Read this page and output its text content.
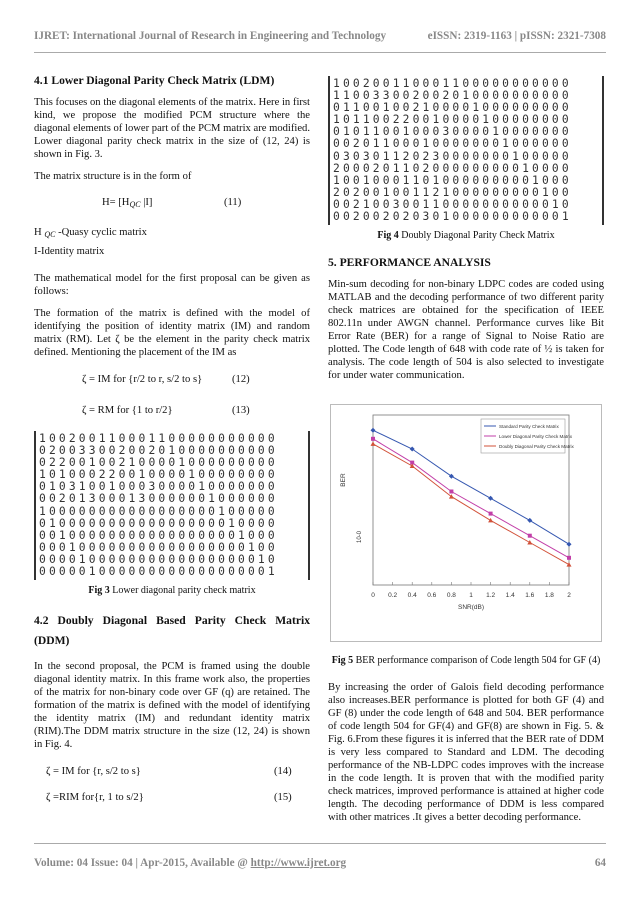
IJRET: International Journal of Research in Engineering and Technology	eISSN: 2319-1163 | pISSN: 2321-7308
4.1 Lower Diagonal Parity Check Matrix (LDM)

This focuses on the diagonal elements of the matrix. Here in first kind, we propose the modified PCM structure where the diagonal elements of lower part of the PCM matrix are modified. Lower diagonal parity check matrix in the size of (12, 24) is shown in Fig. 3.

The matrix structure is in the form of

$H= [H_{QC}$ |I]	(11)
H $_{QC}$ -Quasy cyclic matrix
I-Identity matrix

The mathematical model for the first proposal can be given as follows:

The formation of the matrix is defined with the model of identifying the position of identity matrix (IM) and random matrix (RM). Let ζ be the element in the parity check matrix defined. Mentioning the placement of the IM as

ζ = IM for {r/2 to r, s/2 to s}	(12)
ζ = RM for {1 to r/2}	(13)
100200110001100000000000
020033002002010000000000
022001002100001000000000
101000220010000100000000
010310010003000010000000
002013000130000001000000
100000000000000000100000
010000000000000000010000
001000000000000000001000
000100000000000000000100
000010000000000000000010
000001000000000000000001
Fig 3 Lower diagonal parity check matrix
4.2 Doubly Diagonal Based Parity Check Matrix (DDM)

In the second proposal, the PCM is framed using the double diagonal identity matrix. In this frame work also, the properties of the matrix for non-binary code over GF (q) are retained. The formation of the matrix is defined with the model of identifying the identity matrix (IM) and redundant identity matrix (RIM).The DDM matrix structure in the size (12, 24) is shown in Fig. 4.

ζ = IM for {r, s/2 to s}	(14)
ζ =RIM for{r, 1 to s/2}	(15)
100200110001100000000000
110033002002010000000000
011001002100001000000000
101100220010000100000000
010110010003000010000000
002011000100000001000000
030301120230000000100000
200020110200000000010000
100100011010000000001000
202001001121000000000100
002100300110000000000010
002002020301000000000001
Fig 4 Doubly Diagonal Parity Check Matrix
5. PERFORMANCE ANALYSIS

Min-sum decoding for non-binary LDPC codes are coded using MATLAB and the decoding performance of two different parity check matrices are obtained for the specification of IEEE 802.11n under AWGN channel. Performance curves like Bit Error Rate (BER) for a range of Signal to Noise Ratio are plotted. The Code length of 648 with code rate of ½ is taken for analysis. The code length of 504 is also selected to investigate for under water communication.

0 0.2 0.4 0.6 0.8 1 1.2 1.4 1.6 1.8 2
SNR(dB)
BER
10-0
Standard Parity Check Matrix
Lower Diagonal Parity Check Matrix
Doubly Diagonal Parity Check Matrix
Fig 5 BER performance comparison of Code length 504 for GF (4)

By increasing the order of Galois field decoding performance also increases.BER performance is plotted for both GF (4) and GF (8) under the code length of 648 and 504. BER performance of code length 504 for GF(4) and GF(8) are shown in Fig. 5. & Fig. 6.From these figures it is inferred that the BER rate of DDM is very less compared to Standard and LDM. The decoding performance of the NB-LDPC codes improves with the increase in the code length. It is proven that with the modified parity check matrices, improved performance is attained at higher code length. The decoding performance of DDM is less compared with other matrices .It gives a better decoding performance.

Volume: 04 Issue: 04 | Apr-2015, Available @ http://www.ijret.org	64
